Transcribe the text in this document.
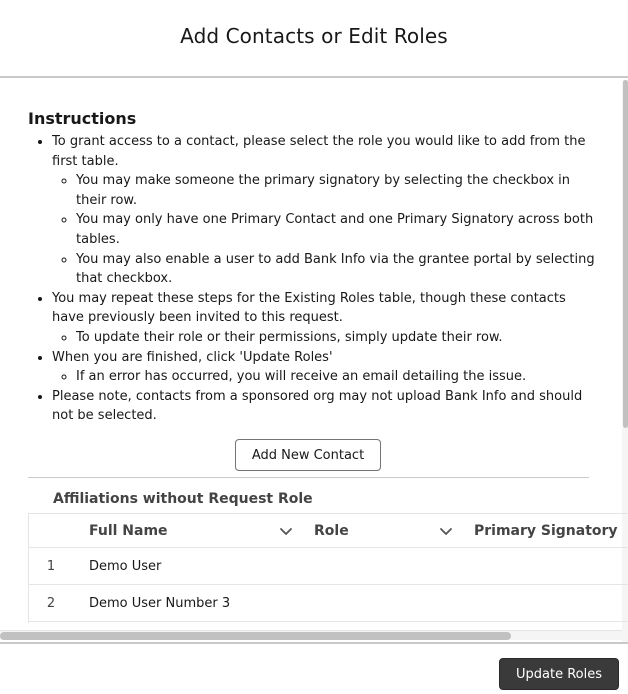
Add Contacts or Edit Roles
Instructions
• To grant access to a contact, please select the role you would like to add from the first table.
◦ You may make someone the primary signatory by selecting the checkbox in their row.
◦ You may only have one Primary Contact and one Primary Signatory across both tables.
◦ You may also enable a user to add Bank Info via the grantee portal by selecting that checkbox.
• You may repeat these steps for the Existing Roles table, though these contacts have previously been invited to this request.
◦ To update their role or their permissions, simply update their row.
• When you are finished, click 'Update Roles'
◦ If an error has occurred, you will receive an email detailing the issue.
• Please note, contacts from a sponsored org may not upload Bank Info and should not be selected.
Add New Contact
Affiliations without Request Role
Full Name	Role	Primary Signatory
1	Demo User
2	Demo User Number 3
Update Roles
